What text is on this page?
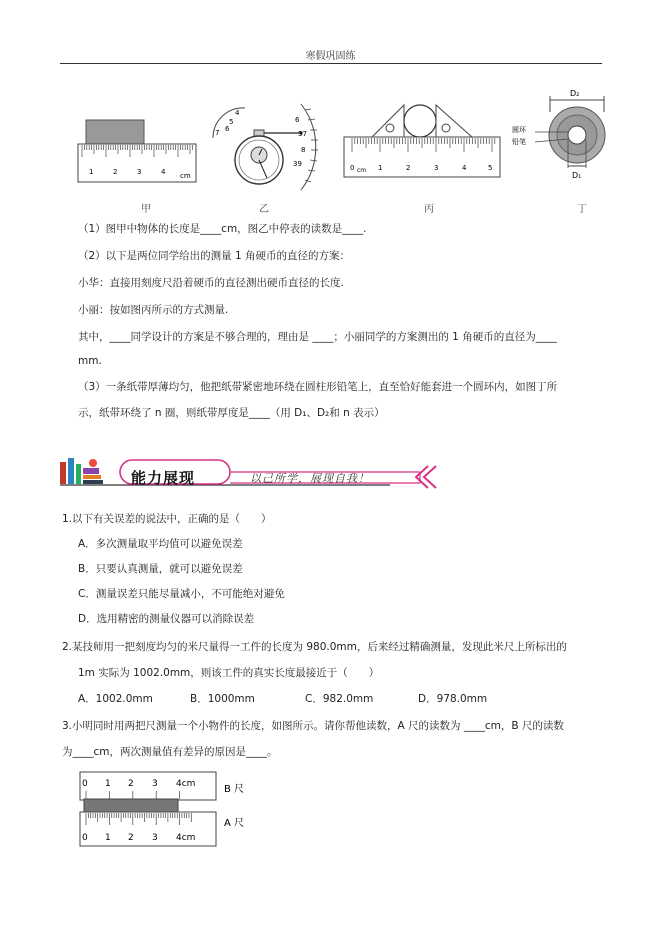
寒假巩固练
1	2	3	4 cm
甲
6
37
8
39
4
5
6
7
乙
0 cm 1	2	3	4	5
丙
D₂
圆环
铅笔
D₁
丁
（1）图甲中物体的长度是____cm，图乙中停表的读数是____.
（2）以下是两位同学给出的测量 1 角硬币的直径的方案：
小华：直接用刻度尺沿着硬币的直径测出硬币直径的长度.
小丽：按如图丙所示的方式测量.
其中，____同学设计的方案是不够合理的，理由是 ____；小丽同学的方案测出的 1 角硬币的直径为____
mm.
（3）一条纸带厚薄均匀，他把纸带紧密地环绕在圆柱形铅笔上，直至恰好能套进一个圆环内，如图丁所
示，纸带环绕了 n 圈，则纸带厚度是____（用 D₁、D₂和 n 表示）
能力展现	以己所学，展现自我！
1.以下有关误差的说法中，正确的是（　　）
A．多次测量取平均值可以避免误差
B．只要认真测量，就可以避免误差
C．测量误差只能尽量减小，不可能绝对避免
D．选用精密的测量仪器可以消除误差
2.某技师用一把刻度均匀的米尺量得一工件的长度为 980.0mm，后来经过精确测量，发现此米尺上所标出的
1m 实际为 1002.0mm，则该工件的真实长度最接近于（　　）
A．1002.0mm	B．1000mm	C．982.0mm	D．978.0mm
3.小明同时用两把尺测量一个小物件的长度，如图所示。请你帮他读数，A 尺的读数为 ____cm，B 尺的读数
为____cm，两次测量值有差异的原因是____。
0 1 2 3 4cm	B 尺
0 1 2 3 4cm
A 尺
